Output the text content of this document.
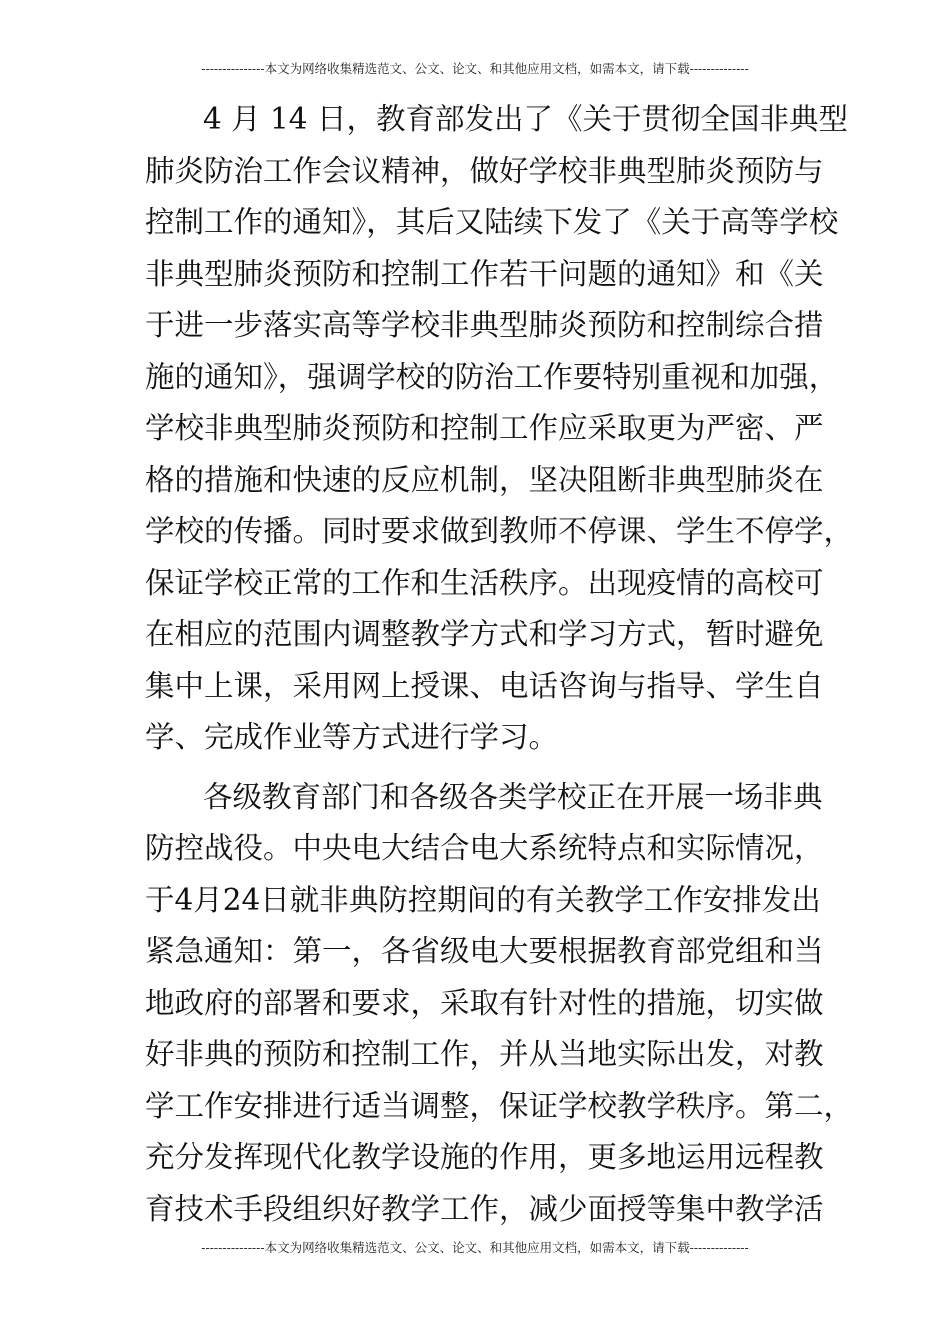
---------------本文为网络收集精选范文、公文、论文、和其他应用文档，如需本文，请下载--------------
4 月 14 日，教育部发出了《关于贯彻全国非典型
肺炎防治工作会议精神，做好学校非典型肺炎预防与
控制工作的通知》，其后又陆续下发了《关于高等学校
非典型肺炎预防和控制工作若干问题的通知》和《关
于进一步落实高等学校非典型肺炎预防和控制综合措
施的通知》，强调学校的防治工作要特别重视和加强，
学校非典型肺炎预防和控制工作应采取更为严密、严
格的措施和快速的反应机制，坚决阻断非典型肺炎在
学校的传播。同时要求做到教师不停课、学生不停学，
保证学校正常的工作和生活秩序。出现疫情的高校可
在相应的范围内调整教学方式和学习方式，暂时避免
集中上课，采用网上授课、电话咨询与指导、学生自
学、完成作业等方式进行学习。
各级教育部门和各级各类学校正在开展一场非典
防控战役。中央电大结合电大系统特点和实际情况，
于4月24日就非典防控期间的有关教学工作安排发出
紧急通知：第一，各省级电大要根据教育部党组和当
地政府的部署和要求，采取有针对性的措施，切实做
好非典的预防和控制工作，并从当地实际出发，对教
学工作安排进行适当调整，保证学校教学秩序。第二，
充分发挥现代化教学设施的作用，更多地运用远程教
育技术手段组织好教学工作，减少面授等集中教学活
---------------本文为网络收集精选范文、公文、论文、和其他应用文档，如需本文，请下载--------------
